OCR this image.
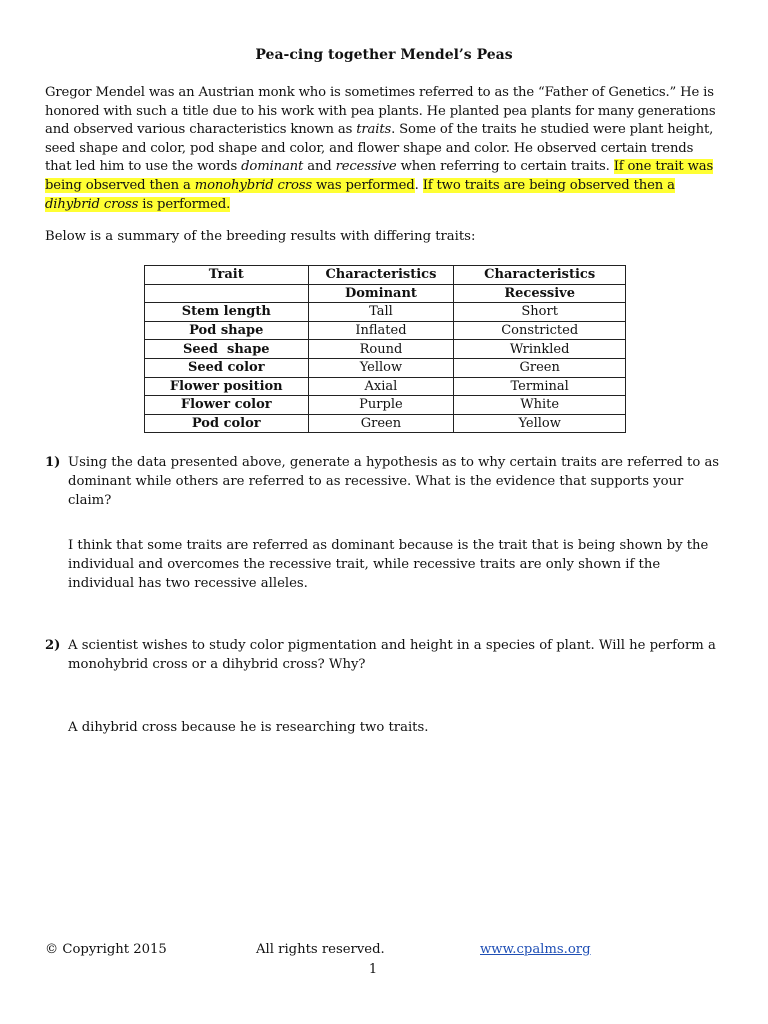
Pea-cing together Mendel’s Peas

Gregor Mendel was an Austrian monk who is sometimes referred to as the “Father of Genetics.” He is honored with such a title due to his work with pea plants. He planted pea plants for many generations and observed various characteristics known as traits. Some of the traits he studied were plant height, seed shape and color, pod shape and color, and flower shape and color. He observed certain trends that led him to use the words dominant and recessive when referring to certain traits. If one trait was being observed then a monohybrid cross was performed. If two traits are being observed then a dihybrid cross is performed.

Below is a summary of the breeding results with differing traits:

Trait	Characteristics	Characteristics
	Dominant	Recessive
Stem length	Tall	Short
Pod shape	Inflated	Constricted
Seed  shape	Round	Wrinkled
Seed color	Yellow	Green
Flower position	Axial	Terminal
Flower color	Purple	White
Pod color	Green	Yellow
1) Using the data presented above, generate a hypothesis as to why certain traits are referred to as dominant while others are referred to as recessive. What is the evidence that supports your claim?

I think that some traits are referred as dominant because is the trait that is being shown by the individual and overcomes the recessive trait, while recessive traits are only shown if the individual has two recessive alleles.

2) A scientist wishes to study color pigmentation and height in a species of plant. Will he perform a monohybrid cross or a dihybrid cross? Why?

A dihybrid cross because he is researching two traits.

© Copyright 2015	All rights reserved.	www.cpalms.org
1
